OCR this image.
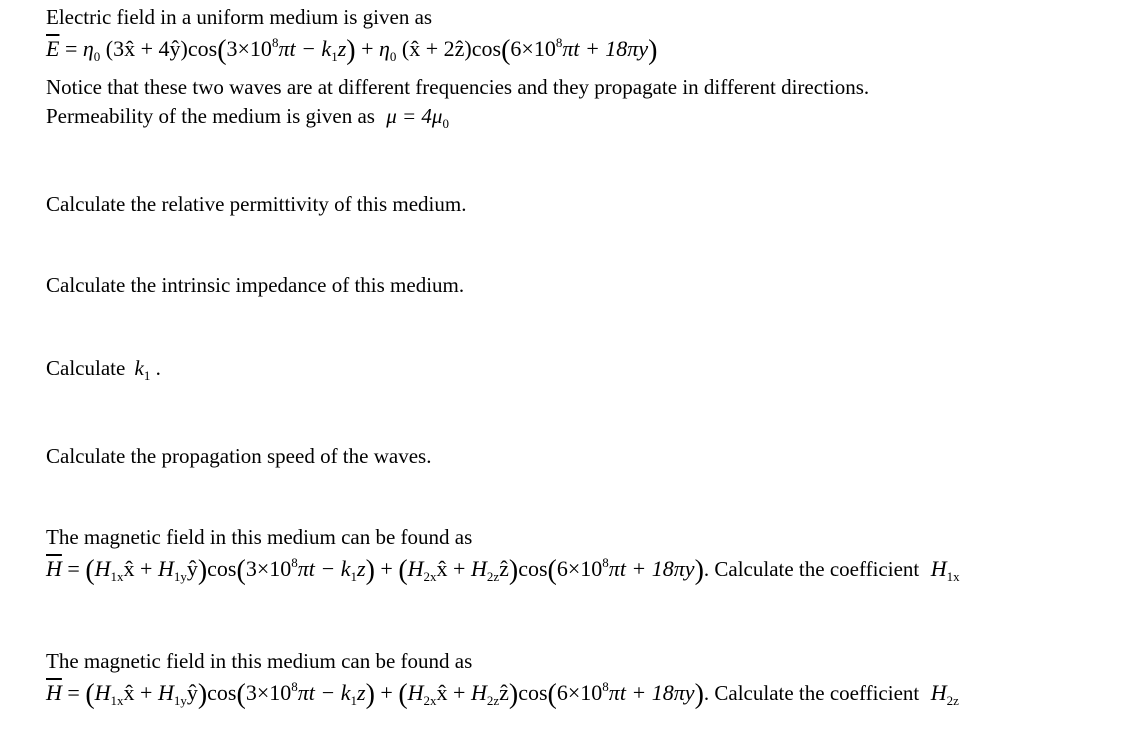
Electric field in a uniform medium is given as
$\overline{E} = \eta_0$ (3x̂ + $4ŷ)\cos(3\times 10^8\pi t - k_1z) + \eta_0$ (x̂ + $2ẑ)\cos(6\times 10^8\pi t + 18\pi y)$
Notice that these two waves are at different frequencies and they propagate in different directions.
Permeability of the medium is given as $\mu = 4\mu_0$
Calculate the relative permittivity of this medium.
Calculate the intrinsic impedance of this medium.
Calculate $k_1$ .
Calculate the propagation speed of the waves.
The magnetic field in this medium can be found as
$\overline{H}$ = ($H_{1x}x̂$ + $H_{1y}ŷ)\cos(3\times 10^8\pi t - k_1z)$ + ($H_{2x}x̂$ + $H_{2z}ẑ)\cos(6\times 10^8\pi t + 18\pi y)$. Calculate the coefficient $H_{1x}$
The magnetic field in this medium can be found as
$\overline{H}$ = ($H_{1x}x̂$ + $H_{1y}ŷ)\cos(3\times 10^8\pi t - k_1z)$ + ($H_{2x}x̂$ + $H_{2z}ẑ)\cos(6\times 10^8\pi t + 18\pi y)$. Calculate the coefficient $H_{2z}$
